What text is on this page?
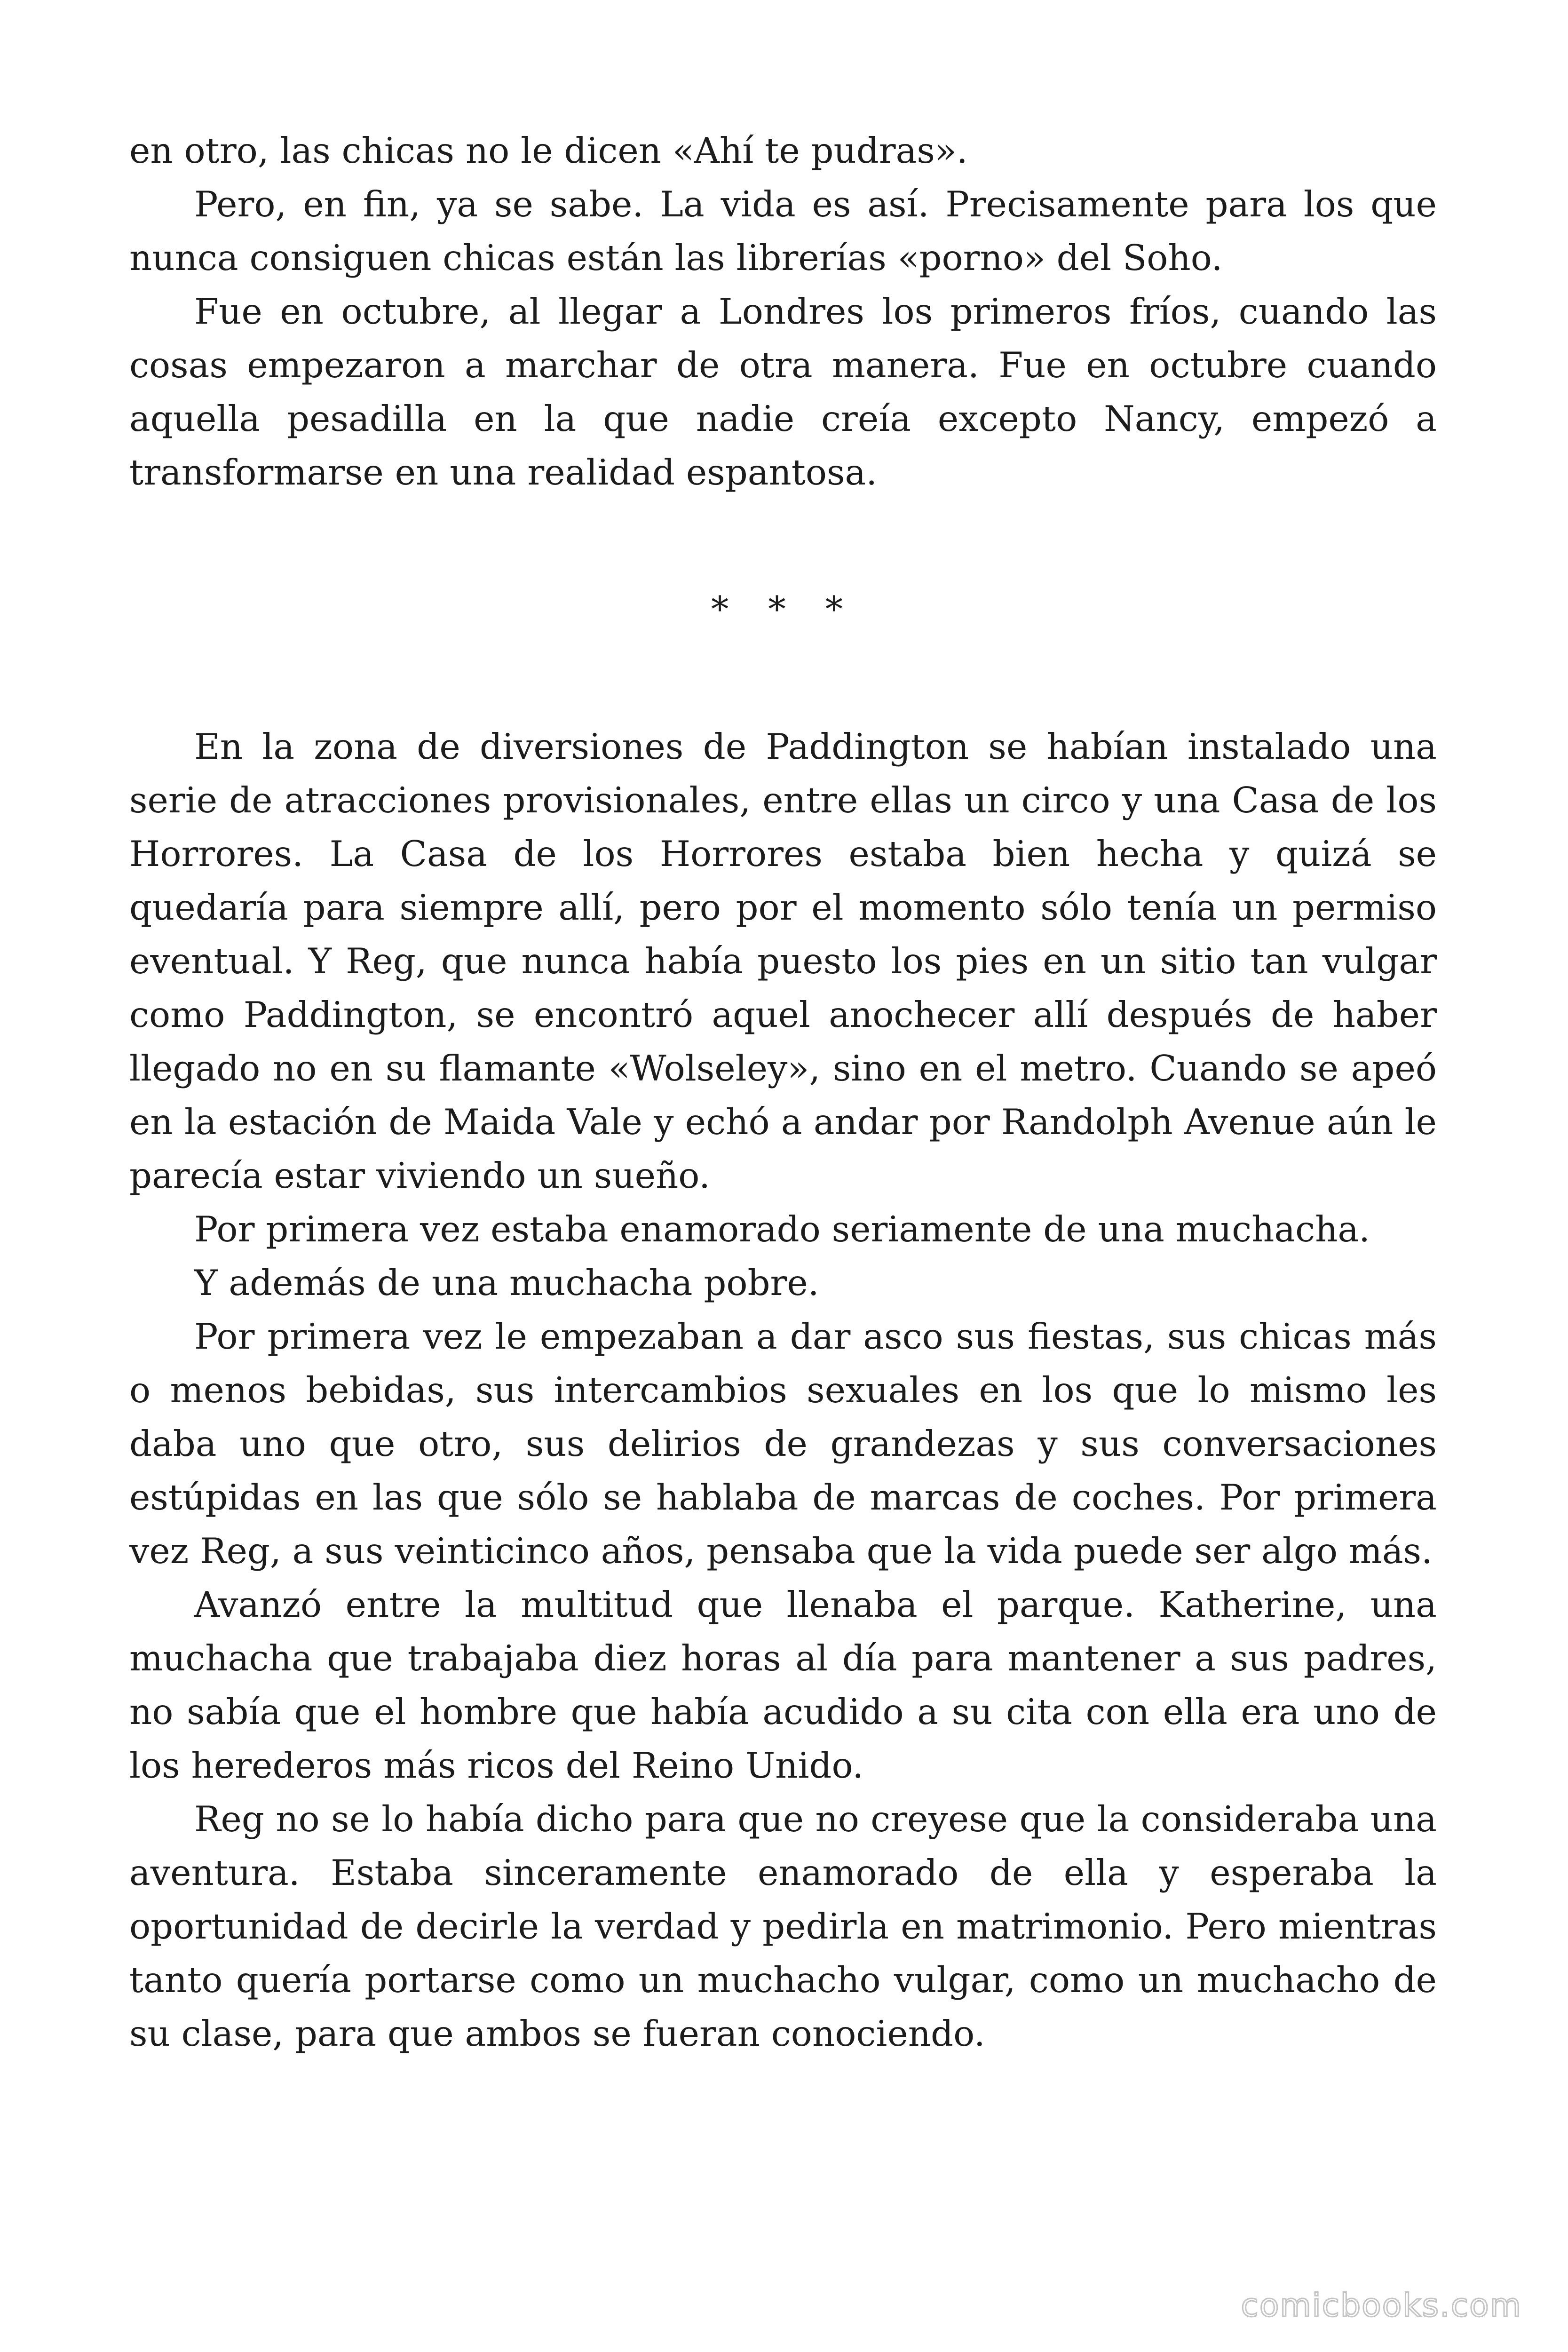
en otro, las chicas no le dicen «Ahí te pudras».

Pero, en fin, ya se sabe. La vida es así. Precisamente para los que nunca consiguen chicas están las librerías «porno» del Soho.

Fue en octubre, al llegar a Londres los primeros fríos, cuando las cosas empezaron a marchar de otra manera. Fue en octubre cuando aquella pesadilla en la que nadie creía excepto Nancy, empezó a transformarse en una realidad espantosa.

* * *

En la zona de diversiones de Paddington se habían instalado una serie de atracciones provisionales, entre ellas un circo y una Casa de los Horrores. La Casa de los Horrores estaba bien hecha y quizá se quedaría para siempre allí, pero por el momento sólo tenía un permiso eventual. Y Reg, que nunca había puesto los pies en un sitio tan vulgar como Paddington, se encontró aquel anochecer allí después de haber llegado no en su flamante «Wolseley», sino en el metro. Cuando se apeó en la estación de Maida Vale y echó a andar por Randolph Avenue aún le parecía estar viviendo un sueño.

Por primera vez estaba enamorado seriamente de una muchacha.

Y además de una muchacha pobre.

Por primera vez le empezaban a dar asco sus fiestas, sus chicas más o menos bebidas, sus intercambios sexuales en los que lo mismo les daba uno que otro, sus delirios de grandezas y sus conversaciones estúpidas en las que sólo se hablaba de marcas de coches. Por primera vez Reg, a sus veinticinco años, pensaba que la vida puede ser algo más.

Avanzó entre la multitud que llenaba el parque. Katherine, una muchacha que trabajaba diez horas al día para mantener a sus padres, no sabía que el hombre que había acudido a su cita con ella era uno de los herederos más ricos del Reino Unido.

Reg no se lo había dicho para que no creyese que la consideraba una aventura. Estaba sinceramente enamorado de ella y esperaba la oportunidad de decirle la verdad y pedirla en matrimonio. Pero mientras tanto quería portarse como un muchacho vulgar, como un muchacho de su clase, para que ambos se fueran conociendo.

comicbooks.com
